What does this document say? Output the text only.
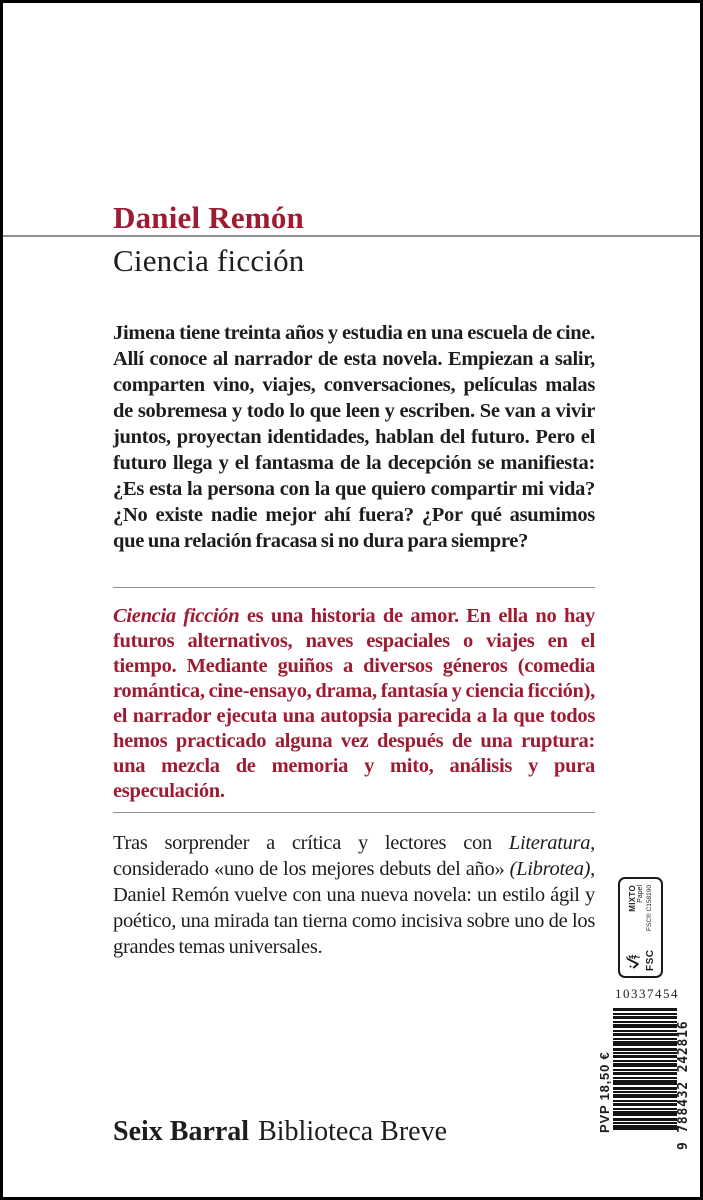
Daniel Remón
Ciencia ficción

Jimena tiene treinta años y estudia en una escuela de cine. Allí conoce al narrador de esta novela. Empiezan a salir, comparten vino, viajes, conversaciones, películas malas de sobremesa y todo lo que leen y escriben. Se van a vivir juntos, proyectan identidades, hablan del futuro. Pero el futuro llega y el fantasma de la decepción se manifiesta: ¿Es esta la persona con la que quiero compartir mi vida? ¿No existe nadie mejor ahí fuera? ¿Por qué asumimos que una relación fracasa si no dura para siempre?

Ciencia ficción es una historia de amor. En ella no hay futuros alternativos, naves espaciales o viajes en el tiempo. Mediante guiños a diversos géneros (comedia romántica, cine-ensayo, drama, fantasía y ciencia ficción), el narrador ejecuta una autopsia parecida a la que todos hemos practicado alguna vez después de una ruptura: una mezcla de memoria y mito, análisis y pura especulación.

Tras sorprender a crítica y lectores con Literatura, considerado «uno de los mejores debuts del año» (Librotea), Daniel Remón vuelve con una nueva novela: un estilo ágil y poético, una mirada tan tierna como incisiva sobre uno de los grandes temas universales.

Seix Barral Biblioteca Breve

FSC
MIXTO Papel FSC® C158190

10337454

PVP 18,50 €	9 788432 242816
